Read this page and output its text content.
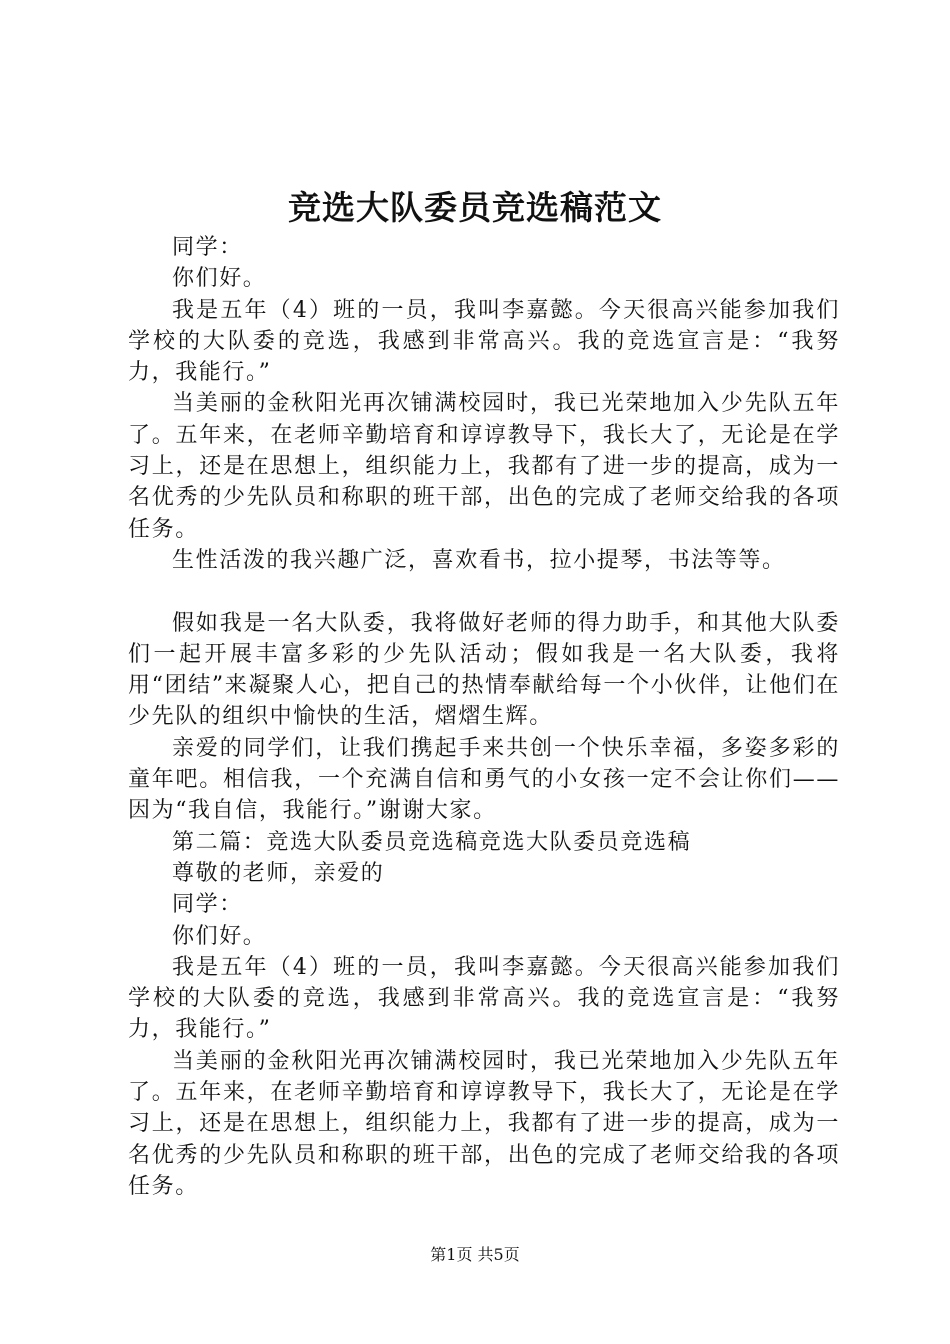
竞选大队委员竞选稿范文

同学：

你们好。

我是五年（4）班的一员，我叫李嘉懿。今天很高兴能参加我们学校的大队委的竞选，我感到非常高兴。我的竞选宣言是：“我努力，我能行。”

当美丽的金秋阳光再次铺满校园时，我已光荣地加入少先队五年了。五年来，在老师辛勤培育和谆谆教导下，我长大了，无论是在学习上，还是在思想上，组织能力上，我都有了进一步的提高，成为一名优秀的少先队员和称职的班干部，出色的完成了老师交给我的各项任务。

生性活泼的我兴趣广泛，喜欢看书，拉小提琴，书法等等。

假如我是一名大队委，我将做好老师的得力助手，和其他大队委们一起开展丰富多彩的少先队活动；假如我是一名大队委，我将用“团结”来凝聚人心，把自己的热情奉献给每一个小伙伴，让他们在少先队的组织中愉快的生活，熠熠生辉。

亲爱的同学们，让我们携起手来共创一个快乐幸福，多姿多彩的童年吧。相信我，一个充满自信和勇气的小女孩一定不会让你们——因为“我自信，我能行。”谢谢大家。

第二篇：竞选大队委员竞选稿竞选大队委员竞选稿

尊敬的老师，亲爱的

同学：

你们好。

我是五年（4）班的一员，我叫李嘉懿。今天很高兴能参加我们学校的大队委的竞选，我感到非常高兴。我的竞选宣言是：“我努力，我能行。”

当美丽的金秋阳光再次铺满校园时，我已光荣地加入少先队五年了。五年来，在老师辛勤培育和谆谆教导下，我长大了，无论是在学习上，还是在思想上，组织能力上，我都有了进一步的提高，成为一名优秀的少先队员和称职的班干部，出色的完成了老师交给我的各项任务。

第1页 共5页
